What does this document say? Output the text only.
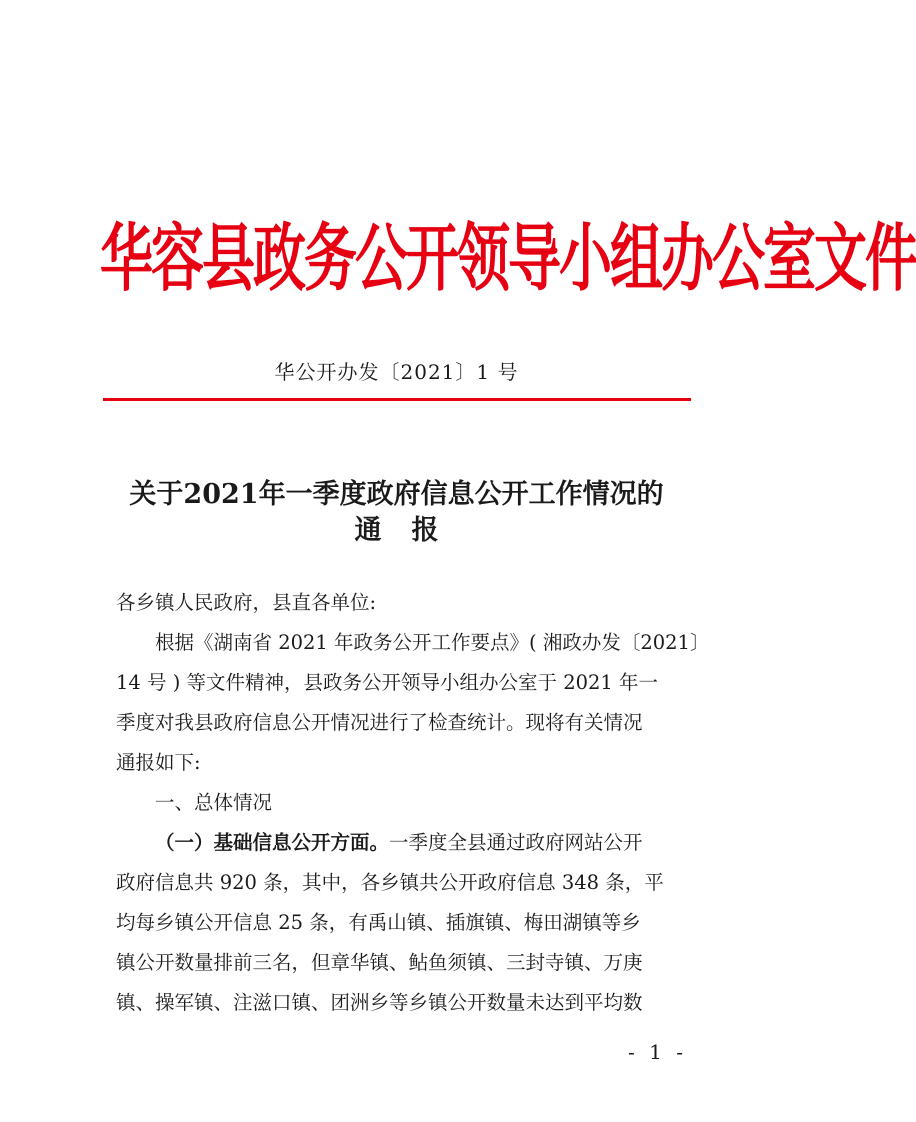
华容县政务公开领导小组办公室文件
华公开办发〔2021〕1 号
关于2021年一季度政府信息公开工作情况的
通报
各乡镇人民政府，县直各单位:
根据《湖南省 2021 年政务公开工作要点》( 湘政办发〔2021〕
14 号 ) 等文件精神，县政务公开领导小组办公室于 2021 年一
季度对我县政府信息公开情况进行了检查统计。现将有关情况
通报如下:
一、总体情况
（一）基础信息公开方面。一季度全县通过政府网站公开
政府信息共 920 条，其中，各乡镇共公开政府信息 348 条，平
均每乡镇公开信息 25 条，有禹山镇、插旗镇、梅田湖镇等乡
镇公开数量排前三名，但章华镇、鲇鱼须镇、三封寺镇、万庚
镇、操军镇、注滋口镇、团洲乡等乡镇公开数量未达到平均数
- 1 -
